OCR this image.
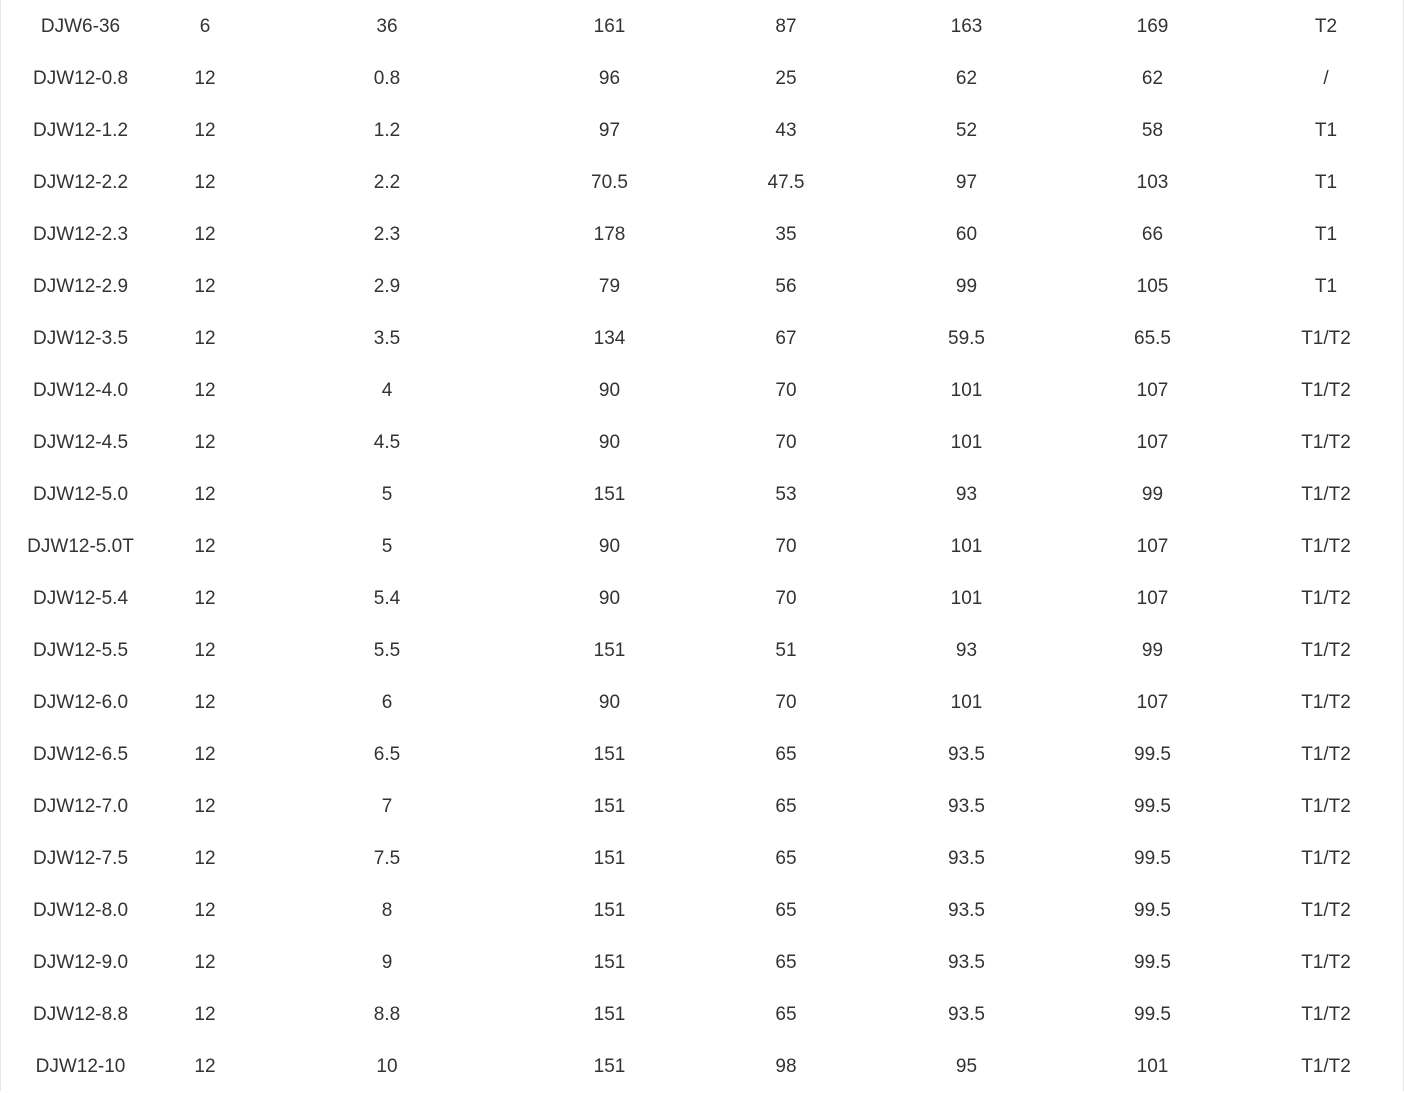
DJW6-36	6	36	161	87	163	169	T2
DJW12-0.8	12	0.8	96	25	62	62	/
DJW12-1.2	12	1.2	97	43	52	58	T1
DJW12-2.2	12	2.2	70.5	47.5	97	103	T1
DJW12-2.3	12	2.3	178	35	60	66	T1
DJW12-2.9	12	2.9	79	56	99	105	T1
DJW12-3.5	12	3.5	134	67	59.5	65.5	T1/T2
DJW12-4.0	12	4	90	70	101	107	T1/T2
DJW12-4.5	12	4.5	90	70	101	107	T1/T2
DJW12-5.0	12	5	151	53	93	99	T1/T2
DJW12-5.0T	12	5	90	70	101	107	T1/T2
DJW12-5.4	12	5.4	90	70	101	107	T1/T2
DJW12-5.5	12	5.5	151	51	93	99	T1/T2
DJW12-6.0	12	6	90	70	101	107	T1/T2
DJW12-6.5	12	6.5	151	65	93.5	99.5	T1/T2
DJW12-7.0	12	7	151	65	93.5	99.5	T1/T2
DJW12-7.5	12	7.5	151	65	93.5	99.5	T1/T2
DJW12-8.0	12	8	151	65	93.5	99.5	T1/T2
DJW12-9.0	12	9	151	65	93.5	99.5	T1/T2
DJW12-8.8	12	8.8	151	65	93.5	99.5	T1/T2
DJW12-10	12	10	151	98	95	101	T1/T2
